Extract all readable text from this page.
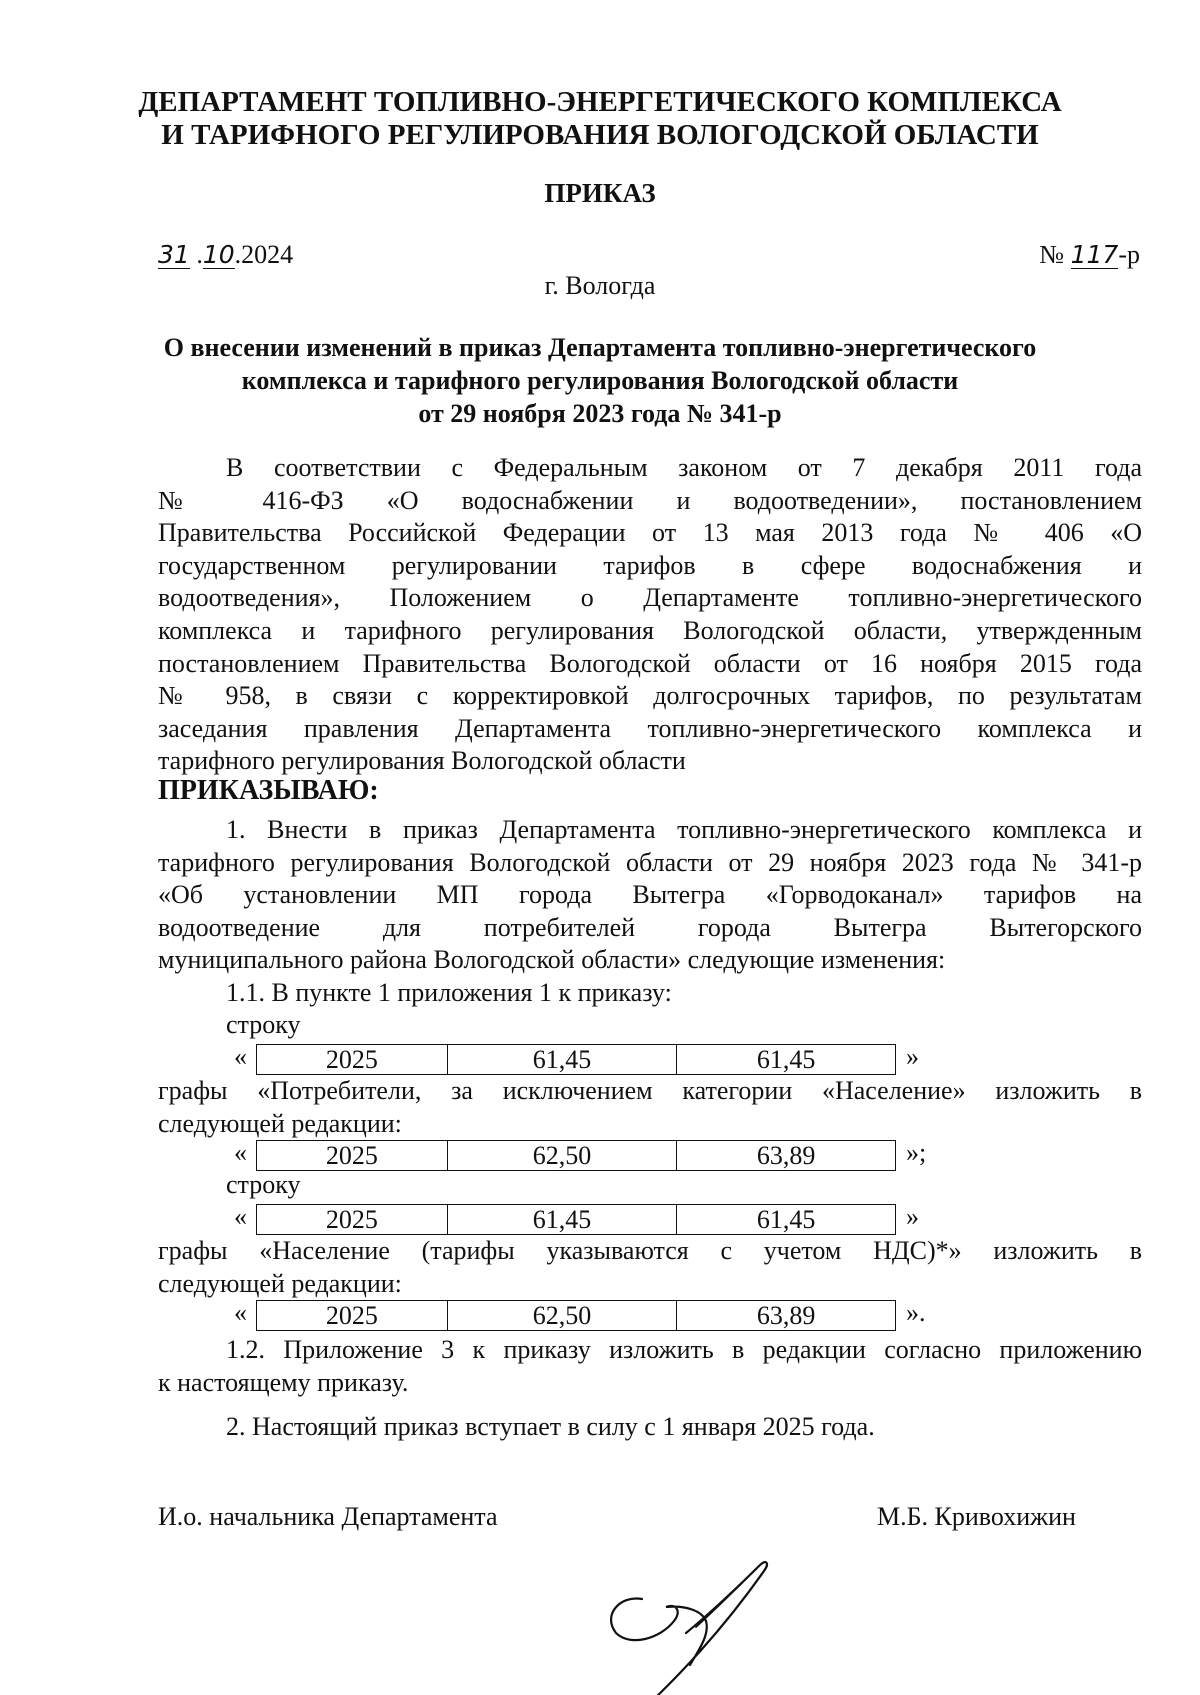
ДЕПАРТАМЕНТ ТОПЛИВНО-ЭНЕРГЕТИЧЕСКОГО КОМПЛЕКСА
И ТАРИФНОГО РЕГУЛИРОВАНИЯ ВОЛОГОДСКОЙ ОБЛАСТИ
ПРИКАЗ
31 .10.2024	№ 117-р
г. Вологда
О внесении изменений в приказ Департамента топливно-энергетического
комплекса и тарифного регулирования Вологодской области
от 29 ноября 2023 года № 341-р
В соответствии с Федеральным законом от 7 декабря 2011 года
№ 416-ФЗ «О водоснабжении и водоотведении», постановлением
Правительства Российской Федерации от 13 мая 2013 года № 406 «О
государственном регулировании тарифов в сфере водоснабжения и
водоотведения», Положением о Департаменте топливно-энергетического
комплекса и тарифного регулирования Вологодской области, утвержденным
постановлением Правительства Вологодской области от 16 ноября 2015 года
№ 958, в связи с корректировкой долгосрочных тарифов, по результатам
заседания правления Департамента топливно-энергетического комплекса и
тарифного регулирования Вологодской области
ПРИКАЗЫВАЮ:
1. Внести в приказ Департамента топливно-энергетического комплекса и
тарифного регулирования Вологодской области от 29 ноября 2023 года № 341-р
«Об установлении МП города Вытегра «Горводоканал» тарифов на
водоотведение для потребителей города Вытегра Вытегорского
муниципального района Вологодской области» следующие изменения:
1.1. В пункте 1 приложения 1 к приказу:
строку
«	2025	61,45	61,45	»
графы «Потребители, за исключением категории «Население» изложить в
следующей редакции:
«	2025	62,50	63,89	»;
строку
«	2025	61,45	61,45	»
графы «Население (тарифы указываются с учетом НДС)*» изложить в
следующей редакции:
«	2025	62,50	63,89	».
1.2. Приложение 3 к приказу изложить в редакции согласно приложению
к настоящему приказу.
2. Настоящий приказ вступает в силу с 1 января 2025 года.
И.о. начальника Департамента	М.Б. Кривохижин
